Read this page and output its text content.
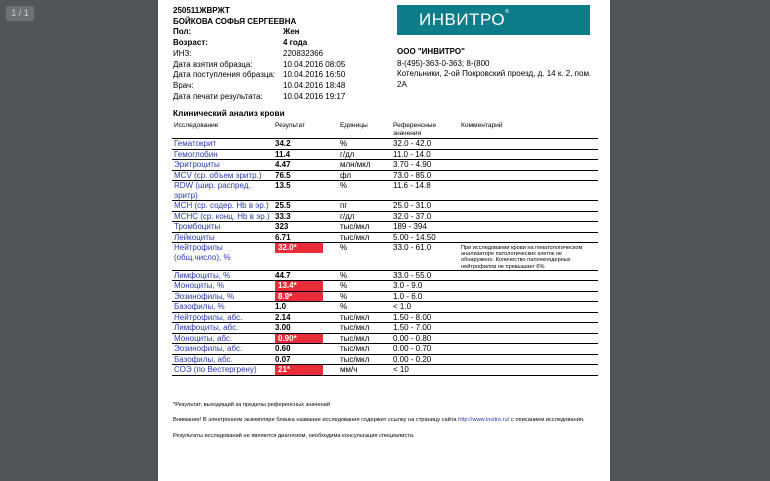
1 / 1	250511ЖВРЖТ
БОЙКОВА СОФЬЯ СЕРГЕЕВНА
Пол:	Жен
Возраст:	4 года
ИНЗ:	220832366
Дата взятия образца:	10.04.2016 08:05
Дата поступления образца: 10.04.2016 16:50
Врач:	10.04.2016 18:48
Дата печати результата:	10.04.2016 19:17
ИНВИТРО®
ООО "ИНВИТРО"
8-(495)-363-0-363; 8-(800
Котельники, 2-ой Покровский проезд, д. 14 к. 2, пом. 2А
Клинический анализ крови
Исследование	Результат	Единицы	Референсные значения	Комментарий
Гематокрит	34.2	%	32.0 - 42.0	
Гемоглобин	11.4	г/дл	11.0 - 14.0	
Эритроциты	4.47	млн/мкл	3.70 - 4.90	
MCV (ср. объем эритр.)	76.5	фл	73.0 - 85.0	
RDW (шир. распред. эритр)	13.5	%	11.6 - 14.8	
MCH (ср. содер. Hb в эр.)	25.5	пг	25.0 - 31.0	
MCHC (ср. конц. Hb в эр.)	33.3	г/дл	32.0 - 37.0	
Тромбоциты	323	тыс/мкл	189 - 394	
Лейкоциты	6.71	тыс/мкл	5.00 - 14.50	
Нейтрофилы (общ.число), %	32.0*	%	33.0 - 61.0	При исследовании крови на гематологическом анализаторе патологических клеток не обнаружено. Количество палочкоядерных нейтрофилов не превышает 6%
Лимфоциты, %	44.7	%	33.0 - 55.0	
Моноциты, %	13.4*	%	3.0 - 9.0	
Эозинофилы, %	8.9*	%	1.0 - 6.0	
Базофилы, %	1.0	%	< 1.0	
Нейтрофилы, абс.	2.14	тыс/мкл	1.50 - 8.00	
Лимфоциты, абс.	3.00	тыс/мкл	1.50 - 7.00	
Моноциты, абс.	0.90*	тыс/мкл	0.00 - 0.80	
Эозинофилы, абс.	0.60	тыс/мкл	0.00 - 0.70	
Базофилы, абс.	0.07	тыс/мкл	0.00 - 0.20	
СОЭ (по Вестергрену)	21*	мм/ч	< 10	
*Результат, выходящий за пределы референсных значений
Внимание! В электронном экземпляре бланка название исследования содержит ссылку на страницу сайта http://www.invitro.ru/ с описанием исследования.
Результаты исследований не являются диагнозом, необходима консультация специалиста.
